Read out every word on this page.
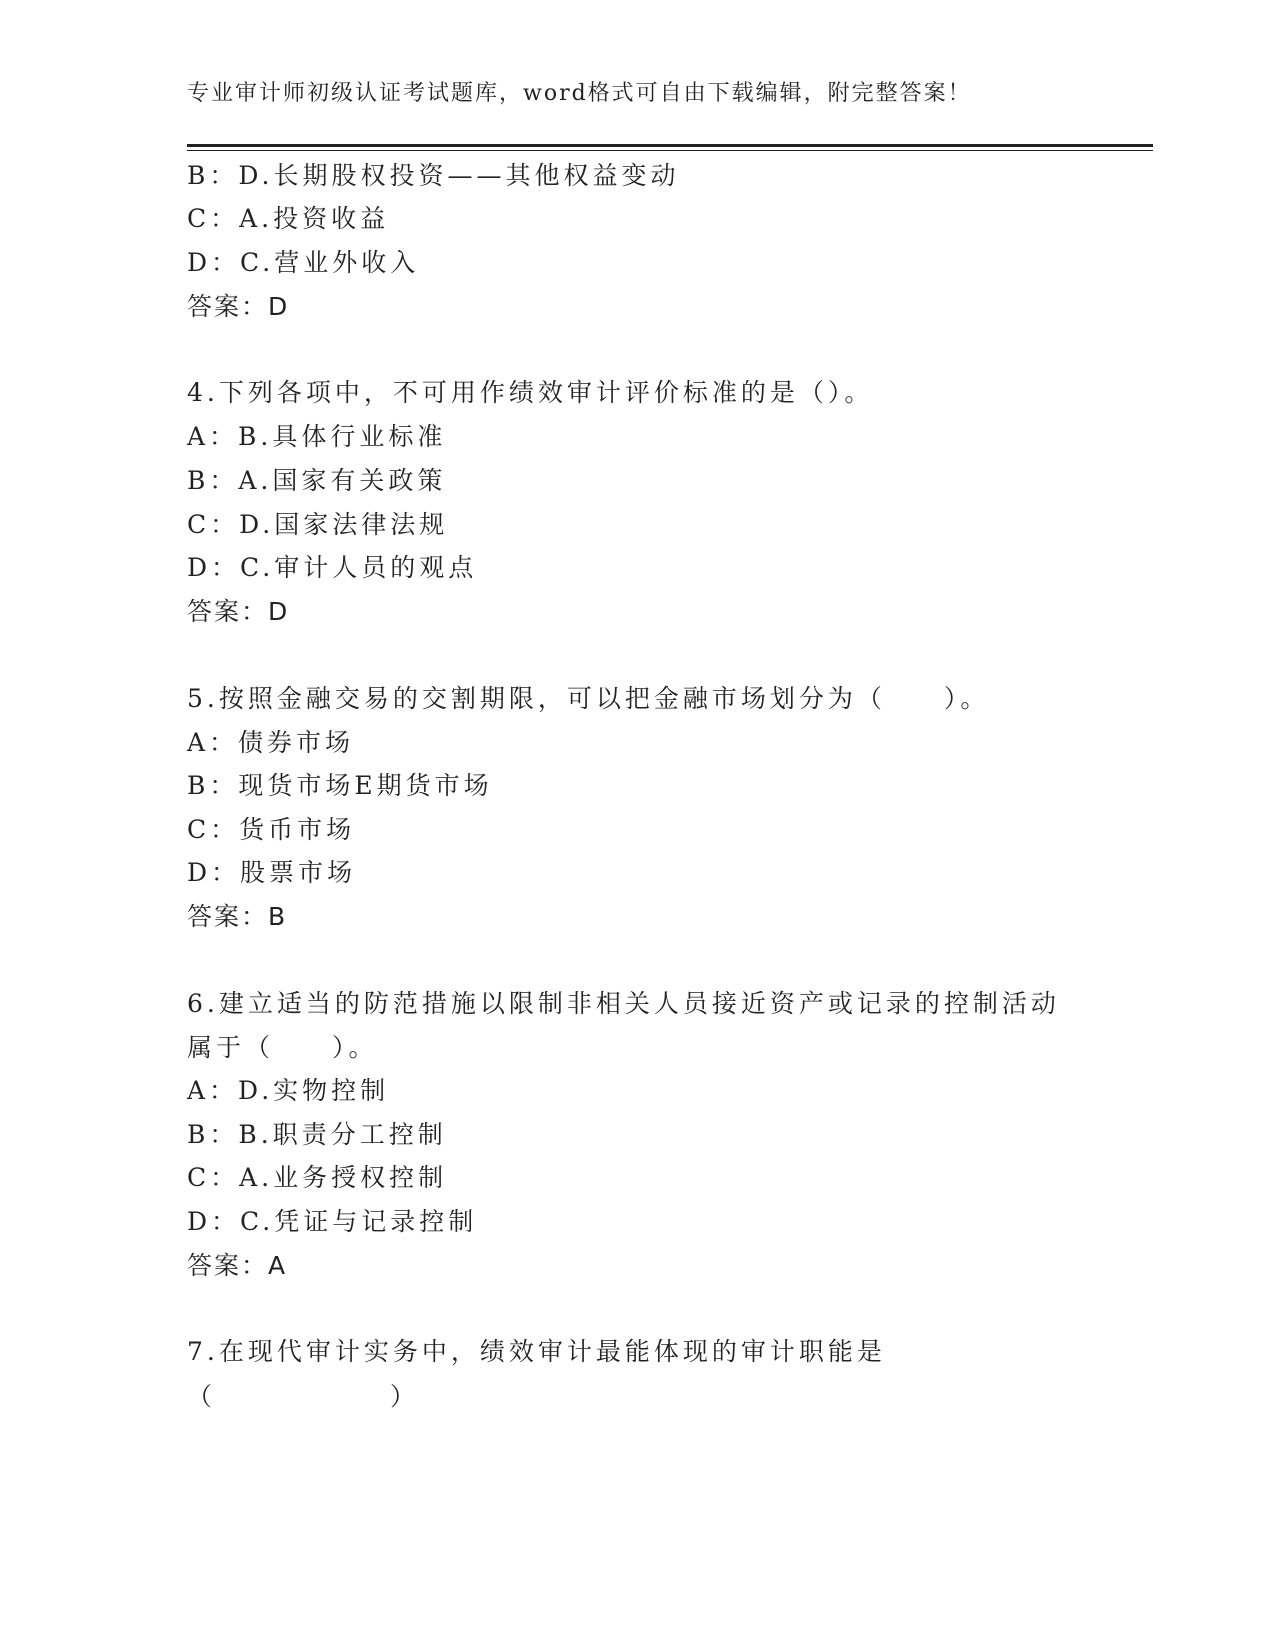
专业审计师初级认证考试题库，word格式可自由下载编辑，附完整答案！
B：D.长期股权投资——其他权益变动
C：A.投资收益
D：C.营业外收入
答案：D
4.下列各项中，不可用作绩效审计评价标准的是（）。
A：B.具体行业标准
B：A.国家有关政策
C：D.国家法律法规
D：C.审计人员的观点
答案：D
5.按照金融交易的交割期限，可以把金融市场划分为（　　）。
A：债券市场
B：现货市场E期货市场
C：货币市场
D：股票市场
答案：B
6.建立适当的防范措施以限制非相关人员接近资产或记录的控制活动
属于（　　）。
A：D.实物控制
B：B.职责分工控制
C：A.业务授权控制
D：C.凭证与记录控制
答案：A
7.在现代审计实务中，绩效审计最能体现的审计职能是
（　　　　　　）
